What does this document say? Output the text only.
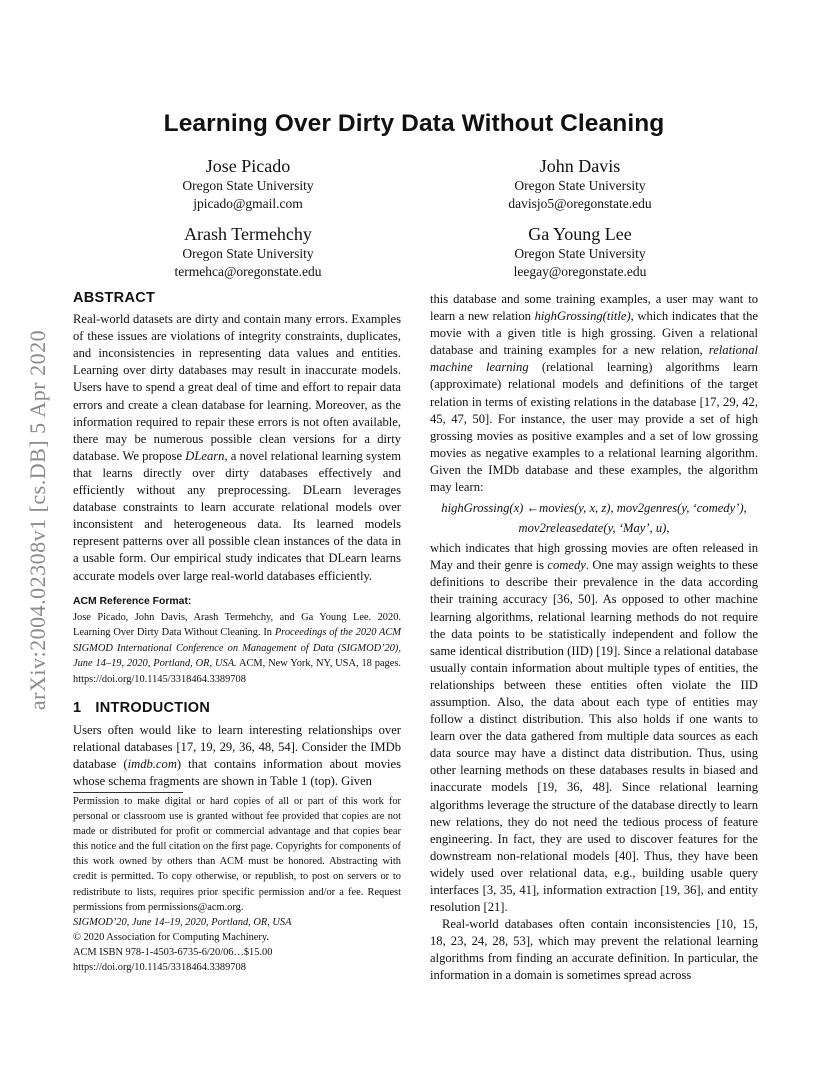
arXiv:2004.02308v1 [cs.DB] 5 Apr 2020
Learning Over Dirty Data Without Cleaning
Jose Picado
Oregon State University
jpicado@gmail.com
John Davis
Oregon State University
davisjo5@oregonstate.edu
Arash Termehchy
Oregon State University
termehca@oregonstate.edu
Ga Young Lee
Oregon State University
leegay@oregonstate.edu
ABSTRACT

Real-world datasets are dirty and contain many errors. Examples of these issues are violations of integrity constraints, duplicates, and inconsistencies in representing data values and entities. Learning over dirty databases may result in inaccurate models. Users have to spend a great deal of time and effort to repair data errors and create a clean database for learning. Moreover, as the information required to repair these errors is not often available, there may be numerous possible clean versions for a dirty database. We propose DLearn, a novel relational learning system that learns directly over dirty databases effectively and efficiently without any preprocessing. DLearn leverages database constraints to learn accurate relational models over inconsistent and heterogeneous data. Its learned models represent patterns over all possible clean instances of the data in a usable form. Our empirical study indicates that DLearn learns accurate models over large real-world databases efficiently.

ACM Reference Format:

Jose Picado, John Davis, Arash Termehchy, and Ga Young Lee. 2020. Learning Over Dirty Data Without Cleaning. In Proceedings of the 2020 ACM SIGMOD International Conference on Management of Data (SIGMOD’20), June 14–19, 2020, Portland, OR, USA. ACM, New York, NY, USA, 18 pages. https://doi.org/10.1145/3318464.3389708

1 INTRODUCTION

Users often would like to learn interesting relationships over relational databases [17, 19, 29, 36, 48, 54]. Consider the IMDb database (imdb.com) that contains information about movies whose schema fragments are shown in Table 1 (top). Given

Permission to make digital or hard copies of all or part of this work for personal or classroom use is granted without fee provided that copies are not made or distributed for profit or commercial advantage and that copies bear this notice and the full citation on the first page. Copyrights for components of this work owned by others than ACM must be honored. Abstracting with credit is permitted. To copy otherwise, or republish, to post on servers or to redistribute to lists, requires prior specific permission and/or a fee. Request permissions from permissions@acm.org.

SIGMOD’20, June 14–19, 2020, Portland, OR, USA

© 2020 Association for Computing Machinery.

ACM ISBN 978-1-4503-6735-6/20/06…$15.00

https://doi.org/10.1145/3318464.3389708

this database and some training examples, a user may want to learn a new relation highGrossing(title), which indicates that the movie with a given title is high grossing. Given a relational database and training examples for a new relation, relational machine learning (relational learning) algorithms learn (approximate) relational models and definitions of the target relation in terms of existing relations in the database [17, 29, 42, 45, 47, 50]. For instance, the user may provide a set of high grossing movies as positive examples and a set of low grossing movies as negative examples to a relational learning algorithm. Given the IMDb database and these examples, the algorithm may learn:

highGrossing(x) ←movies(y, x, z), mov2genres(y, ‘comedy’),
mov2releasedate(y, ‘May’, u),

which indicates that high grossing movies are often released in May and their genre is comedy. One may assign weights to these definitions to describe their prevalence in the data according their training accuracy [36, 50]. As opposed to other machine learning algorithms, relational learning methods do not require the data points to be statistically independent and follow the same identical distribution (IID) [19]. Since a relational database usually contain information about multiple types of entities, the relationships between these entities often violate the IID assumption. Also, the data about each type of entities may follow a distinct distribution. This also holds if one wants to learn over the data gathered from multiple data sources as each data source may have a distinct data distribution. Thus, using other learning methods on these databases results in biased and inaccurate models [19, 36, 48]. Since relational learning algorithms leverage the structure of the database directly to learn new relations, they do not need the tedious process of feature engineering. In fact, they are used to discover features for the downstream non-relational models [40]. Thus, they have been widely used over relational data, e.g., building usable query interfaces [3, 35, 41], information extraction [19, 36], and entity resolution [21].

Real-world databases often contain inconsistencies [10, 15, 18, 23, 24, 28, 53], which may prevent the relational learning algorithms from finding an accurate definition. In particular, the information in a domain is sometimes spread across
